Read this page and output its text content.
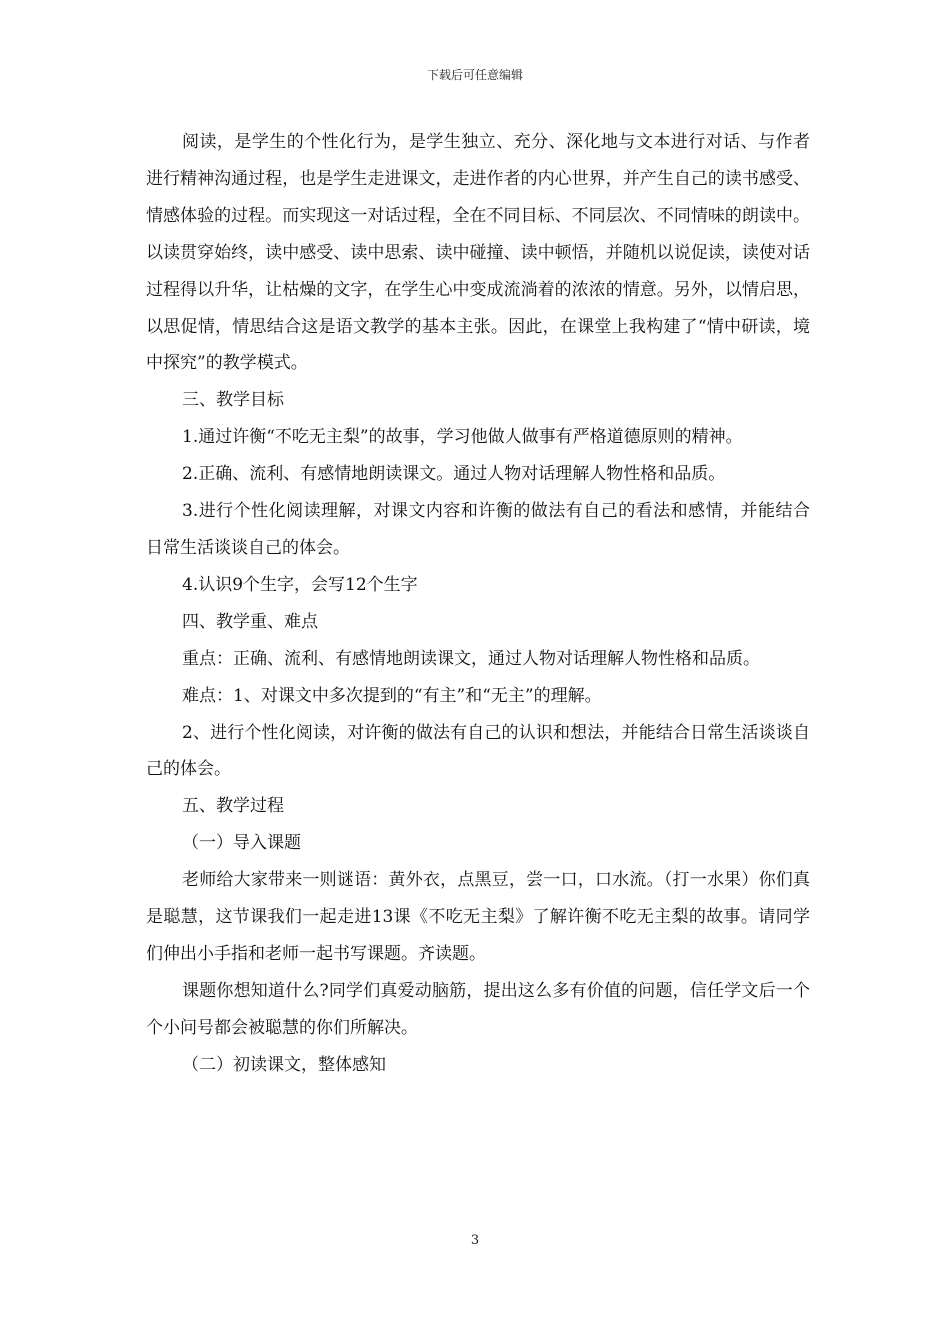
下载后可任意编辑

阅读，是学生的个性化行为，是学生独立、充分、深化地与文本进行对话、与作者进行精神沟通过程，也是学生走进课文，走进作者的内心世界，并产生自己的读书感受、情感体验的过程。而实现这一对话过程，全在不同目标、不同层次、不同情味的朗读中。以读贯穿始终，读中感受、读中思索、读中碰撞、读中顿悟，并随机以说促读，读使对话过程得以升华，让枯燥的文字，在学生心中变成流淌着的浓浓的情意。另外，以情启思，以思促情，情思结合这是语文教学的基本主张。因此，在课堂上我构建了“情中研读，境中探究”的教学模式。

三、教学目标

1.通过许衡“不吃无主梨”的故事，学习他做人做事有严格道德原则的精神。

2.正确、流利、有感情地朗读课文。通过人物对话理解人物性格和品质。

3.进行个性化阅读理解，对课文内容和许衡的做法有自己的看法和感情，并能结合日常生活谈谈自己的体会。

4.认识9个生字，会写12个生字

四、教学重、难点

重点：正确、流利、有感情地朗读课文，通过人物对话理解人物性格和品质。

难点：1、对课文中多次提到的“有主”和“无主”的理解。

2、进行个性化阅读，对许衡的做法有自己的认识和想法，并能结合日常生活谈谈自己的体会。

五、教学过程

（一）导入课题

老师给大家带来一则谜语：黄外衣，点黑豆，尝一口，口水流。（打一水果）你们真是聪慧，这节课我们一起走进13课《不吃无主梨》了解许衡不吃无主梨的故事。请同学们伸出小手指和老师一起书写课题。齐读题。

课题你想知道什么?同学们真爱动脑筋，提出这么多有价值的问题，信任学文后一个个小问号都会被聪慧的你们所解决。

（二）初读课文，整体感知

3
